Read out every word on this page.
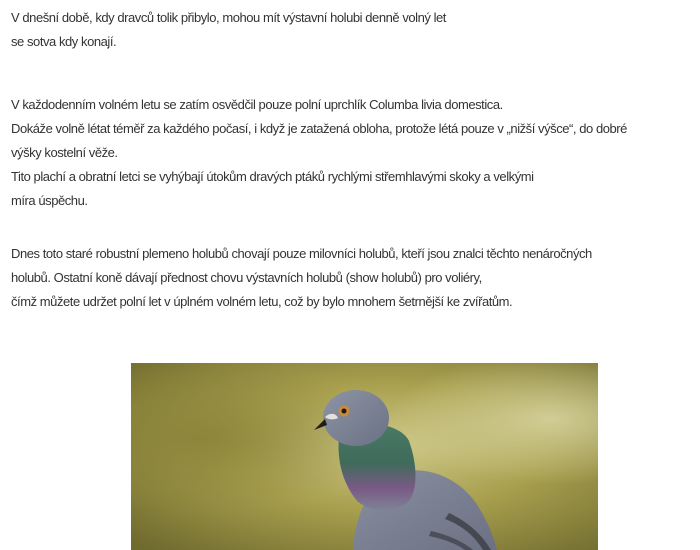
V dnešní době, kdy dravců tolik přibylo, mohou mít výstavní holubi denně volný let
se sotva kdy konají.

V každodenním volném letu se zatím osvědčil pouze polní uprchlík Columba livia domestica.
Dokáže volně létat téměř za každého počasí, i když je zatažená obloha, protože létá pouze v „nižší výšce“, do dobré
výšky kostelní věže.
Tito plachí a obratní letci se vyhýbají útokům dravých ptáků rychlými střemhlavými skoky a velkými
míra úspěchu.

Dnes toto staré robustní plemeno holubů chovají pouze milovníci holubů, kteří jsou znalci těchto nenáročných
holubů. Ostatní koně dávají přednost chovu výstavních holubů (show holubů) pro voliéry,
čímž můžete udržet polní let v úplném volném letu, což by bylo mnohem šetrnější ke zvířatům.
